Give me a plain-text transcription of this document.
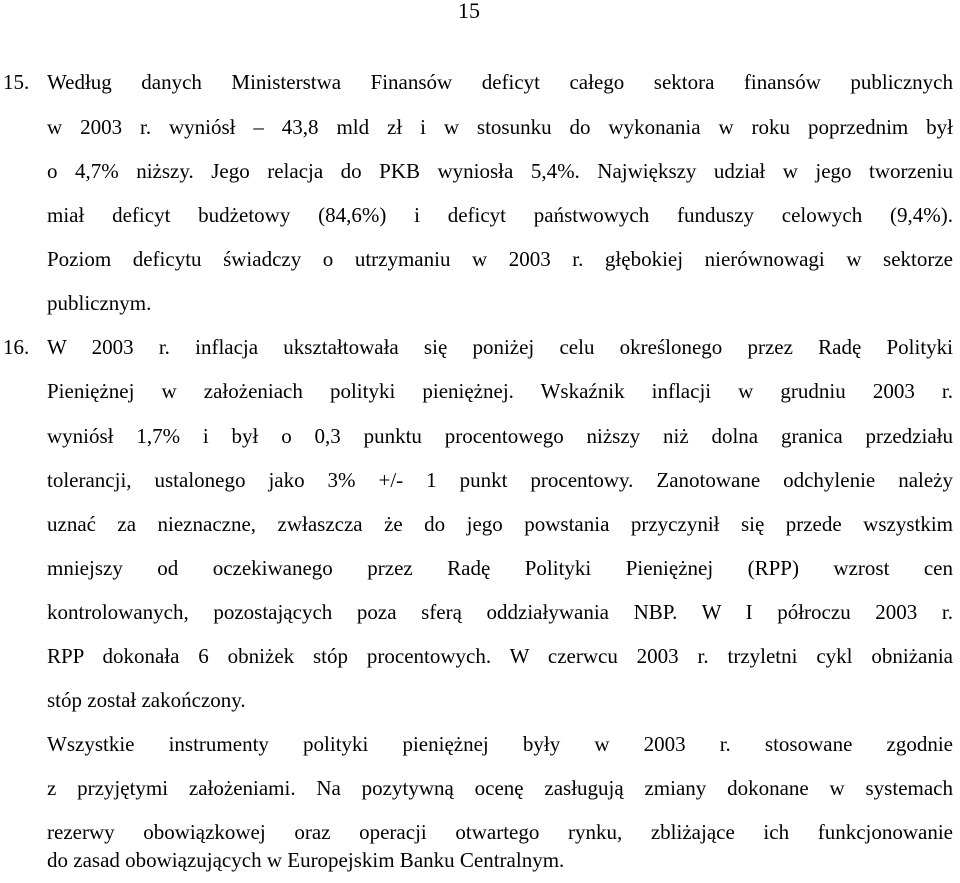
15
15. Według danych Ministerstwa Finansów deficyt całego sektora finansów publicznych
w 2003 r. wyniósł – 43,8 mld zł i w stosunku do wykonania w roku poprzednim był
o 4,7% niższy. Jego relacja do PKB wyniosła 5,4%. Największy udział w jego tworzeniu
miał deficyt budżetowy (84,6%) i deficyt państwowych funduszy celowych (9,4%).
Poziom deficytu świadczy o utrzymaniu w 2003 r. głębokiej nierównowagi w sektorze
publicznym.
16. W 2003 r. inflacja ukształtowała się poniżej celu określonego przez Radę Polityki
Pieniężnej w założeniach polityki pieniężnej. Wskaźnik inflacji w grudniu 2003 r.
wyniósł 1,7% i był o 0,3 punktu procentowego niższy niż dolna granica przedziału
tolerancji, ustalonego jako 3% +/- 1 punkt procentowy. Zanotowane odchylenie należy
uznać za nieznaczne, zwłaszcza że do jego powstania przyczynił się przede wszystkim
mniejszy od oczekiwanego przez Radę Polityki Pieniężnej (RPP) wzrost cen
kontrolowanych, pozostających poza sferą oddziaływania NBP. W I półroczu 2003 r.
RPP dokonała 6 obniżek stóp procentowych. W czerwcu 2003 r. trzyletni cykl obniżania
stóp został zakończony.
Wszystkie instrumenty polityki pieniężnej były w 2003 r. stosowane zgodnie
z przyjętymi założeniami. Na pozytywną ocenę zasługują zmiany dokonane w systemach
rezerwy obowiązkowej oraz operacji otwartego rynku, zbliżające ich funkcjonowanie
do zasad obowiązujących w Europejskim Banku Centralnym.
